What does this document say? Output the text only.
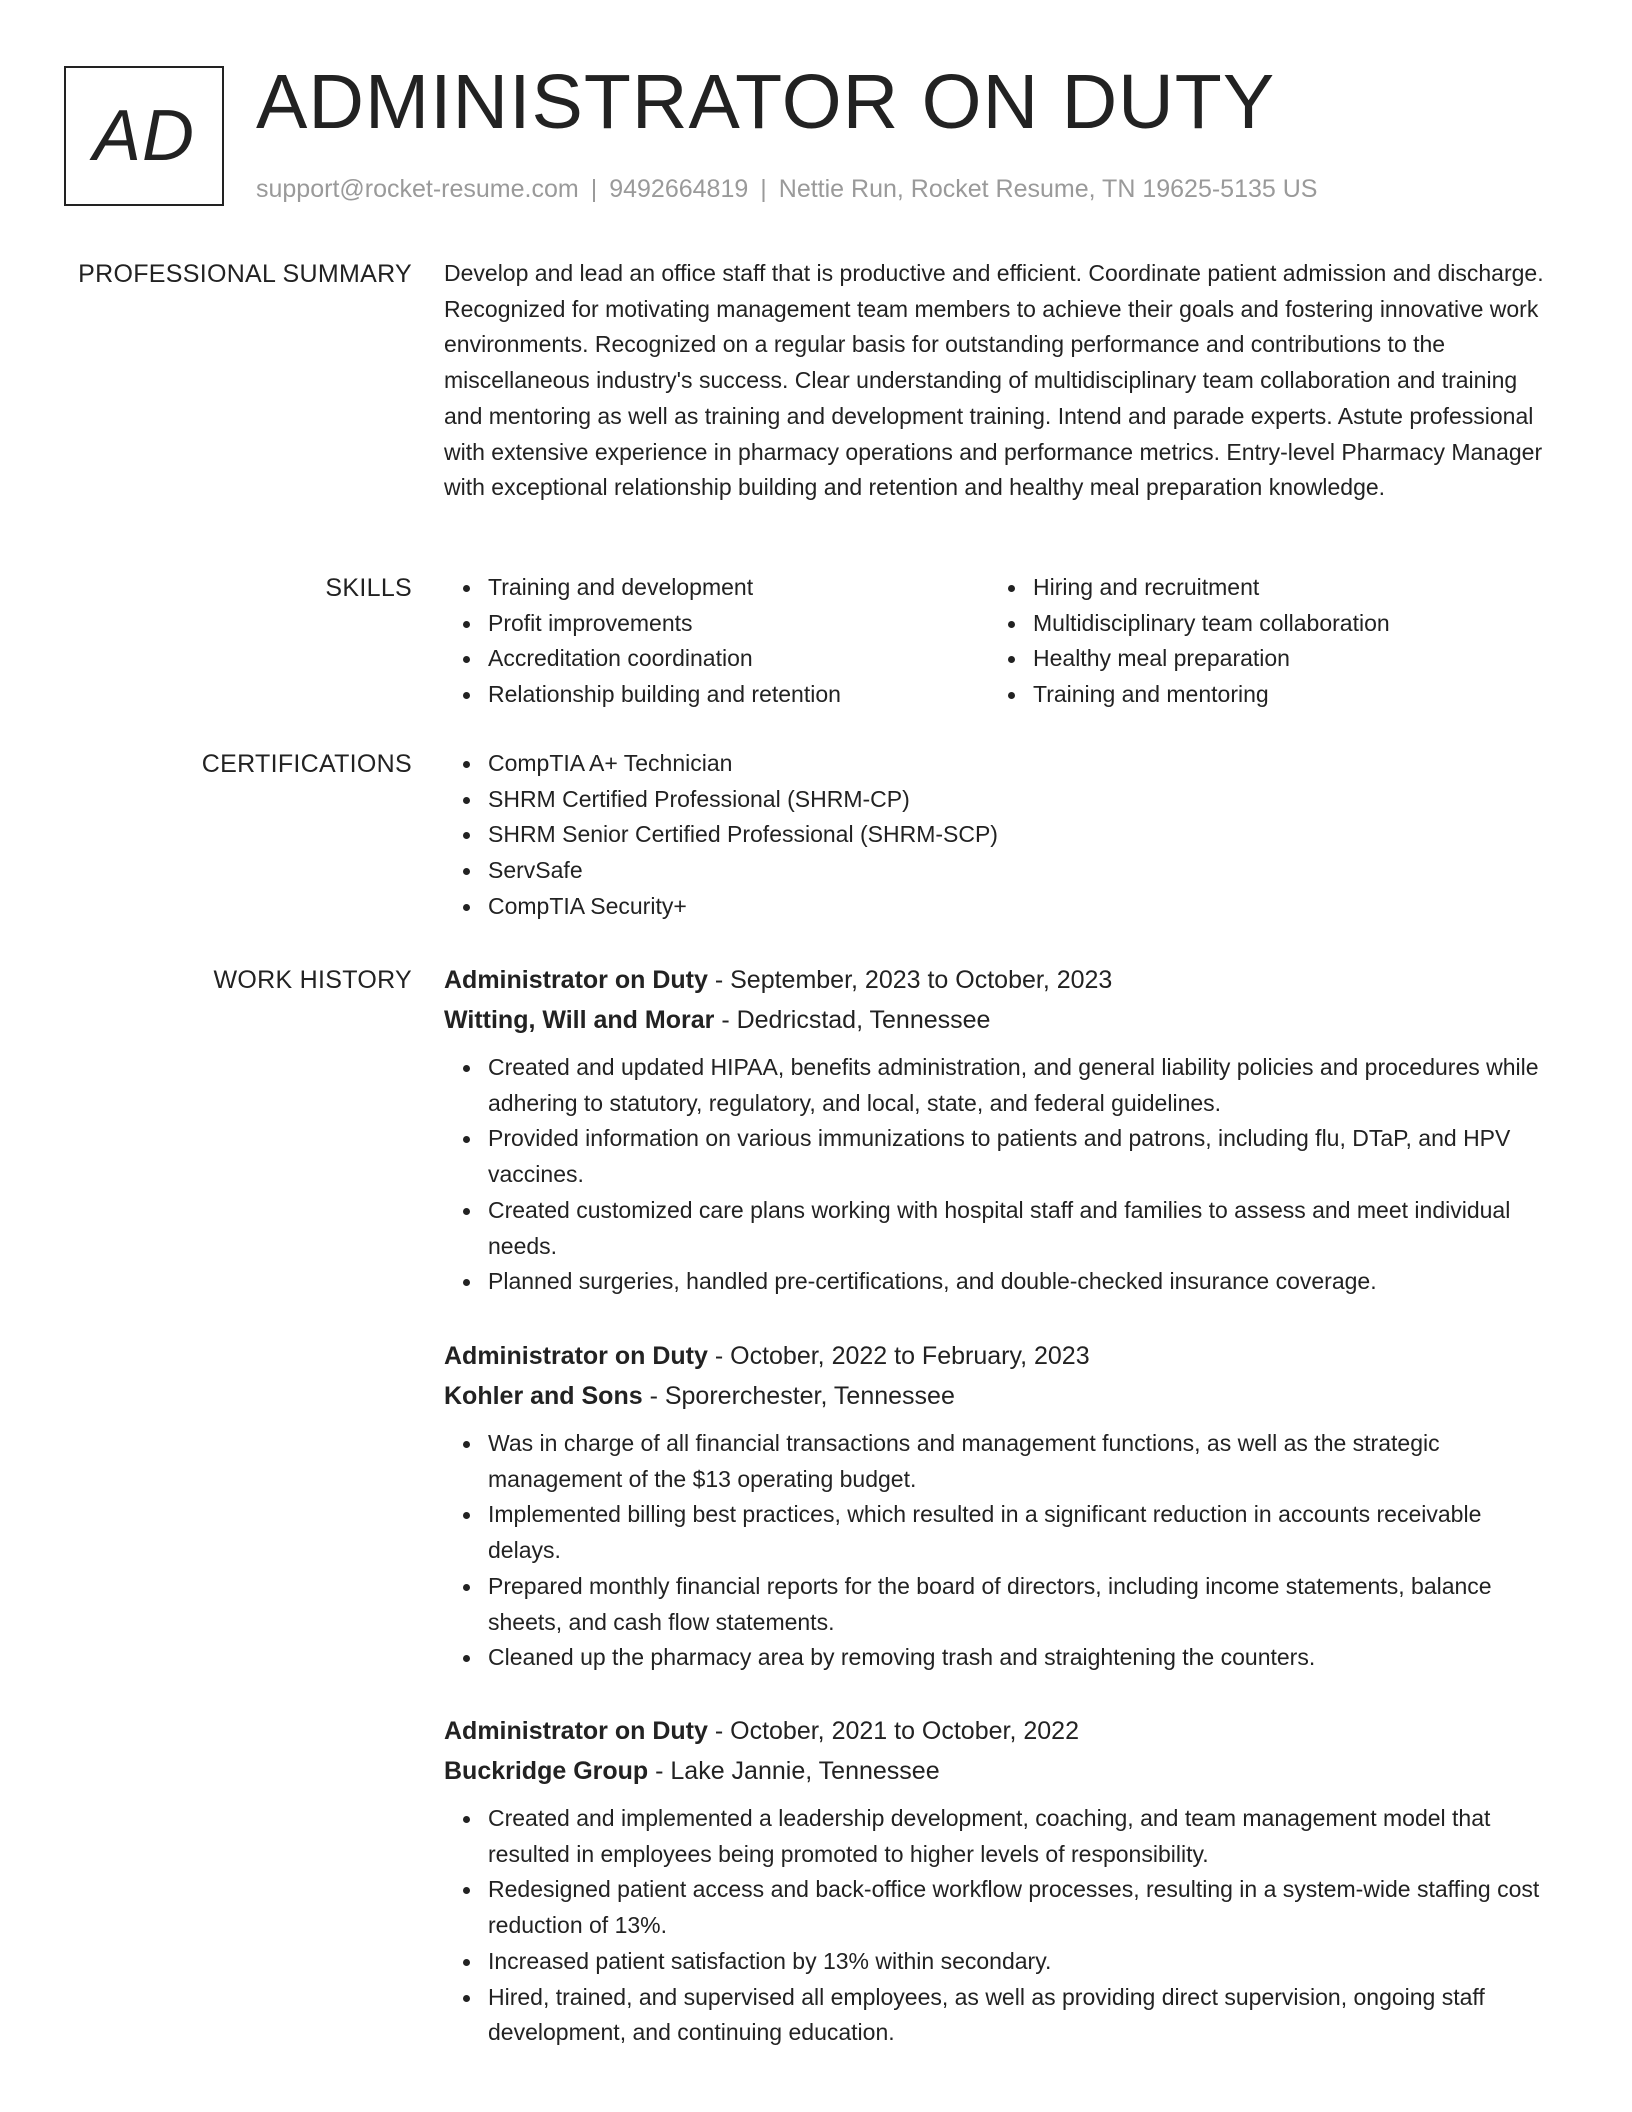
AD ADMINISTRATOR ON DUTY
support@rocket-resume.com | 9492664819 | Nettie Run, Rocket Resume, TN 19625-5135 US
PROFESSIONAL SUMMARY Develop and lead an office staff that is productive and efficient. Coordinate patient admission and discharge. Recognized for motivating management team members to achieve their goals and fostering innovative work environments. Recognized on a regular basis for outstanding performance and contributions to the miscellaneous industry's success. Clear understanding of multidisciplinary team collaboration and training and mentoring as well as training and development training. Intend and parade experts. Astute professional with extensive experience in pharmacy operations and performance metrics. Entry-level Pharmacy Manager with exceptional relationship building and retention and healthy meal preparation knowledge.

SKILLS	Training and development
Profit improvements
Accreditation coordination
Relationship building and retention
Hiring and recruitment
Multidisciplinary team collaboration
Healthy meal preparation
Training and mentoring
CERTIFICATIONS	CompTIA A+ Technician
SHRM Certified Professional (SHRM-CP)
SHRM Senior Certified Professional (SHRM-SCP)
ServSafe
CompTIA Security+
WORK HISTORY Administrator on Duty - September, 2023 to October, 2023
Witting, Will and Morar - Dedricstad, Tennessee
Created and updated HIPAA, benefits administration, and general liability policies and procedures while adhering to statutory, regulatory, and local, state, and federal guidelines.
Provided information on various immunizations to patients and patrons, including flu, DTaP, and HPV vaccines.
Created customized care plans working with hospital staff and families to assess and meet individual needs.
Planned surgeries, handled pre-certifications, and double-checked insurance coverage.
Administrator on Duty - October, 2022 to February, 2023
Kohler and Sons - Sporerchester, Tennessee
Was in charge of all financial transactions and management functions, as well as the strategic management of the $13 operating budget.
Implemented billing best practices, which resulted in a significant reduction in accounts receivable delays.
Prepared monthly financial reports for the board of directors, including income statements, balance sheets, and cash flow statements.
Cleaned up the pharmacy area by removing trash and straightening the counters.
Administrator on Duty - October, 2021 to October, 2022
Buckridge Group - Lake Jannie, Tennessee
Created and implemented a leadership development, coaching, and team management model that resulted in employees being promoted to higher levels of responsibility.
Redesigned patient access and back-office workflow processes, resulting in a system-wide staffing cost reduction of 13%.
Increased patient satisfaction by 13% within secondary.
Hired, trained, and supervised all employees, as well as providing direct supervision, ongoing staff development, and continuing education.
